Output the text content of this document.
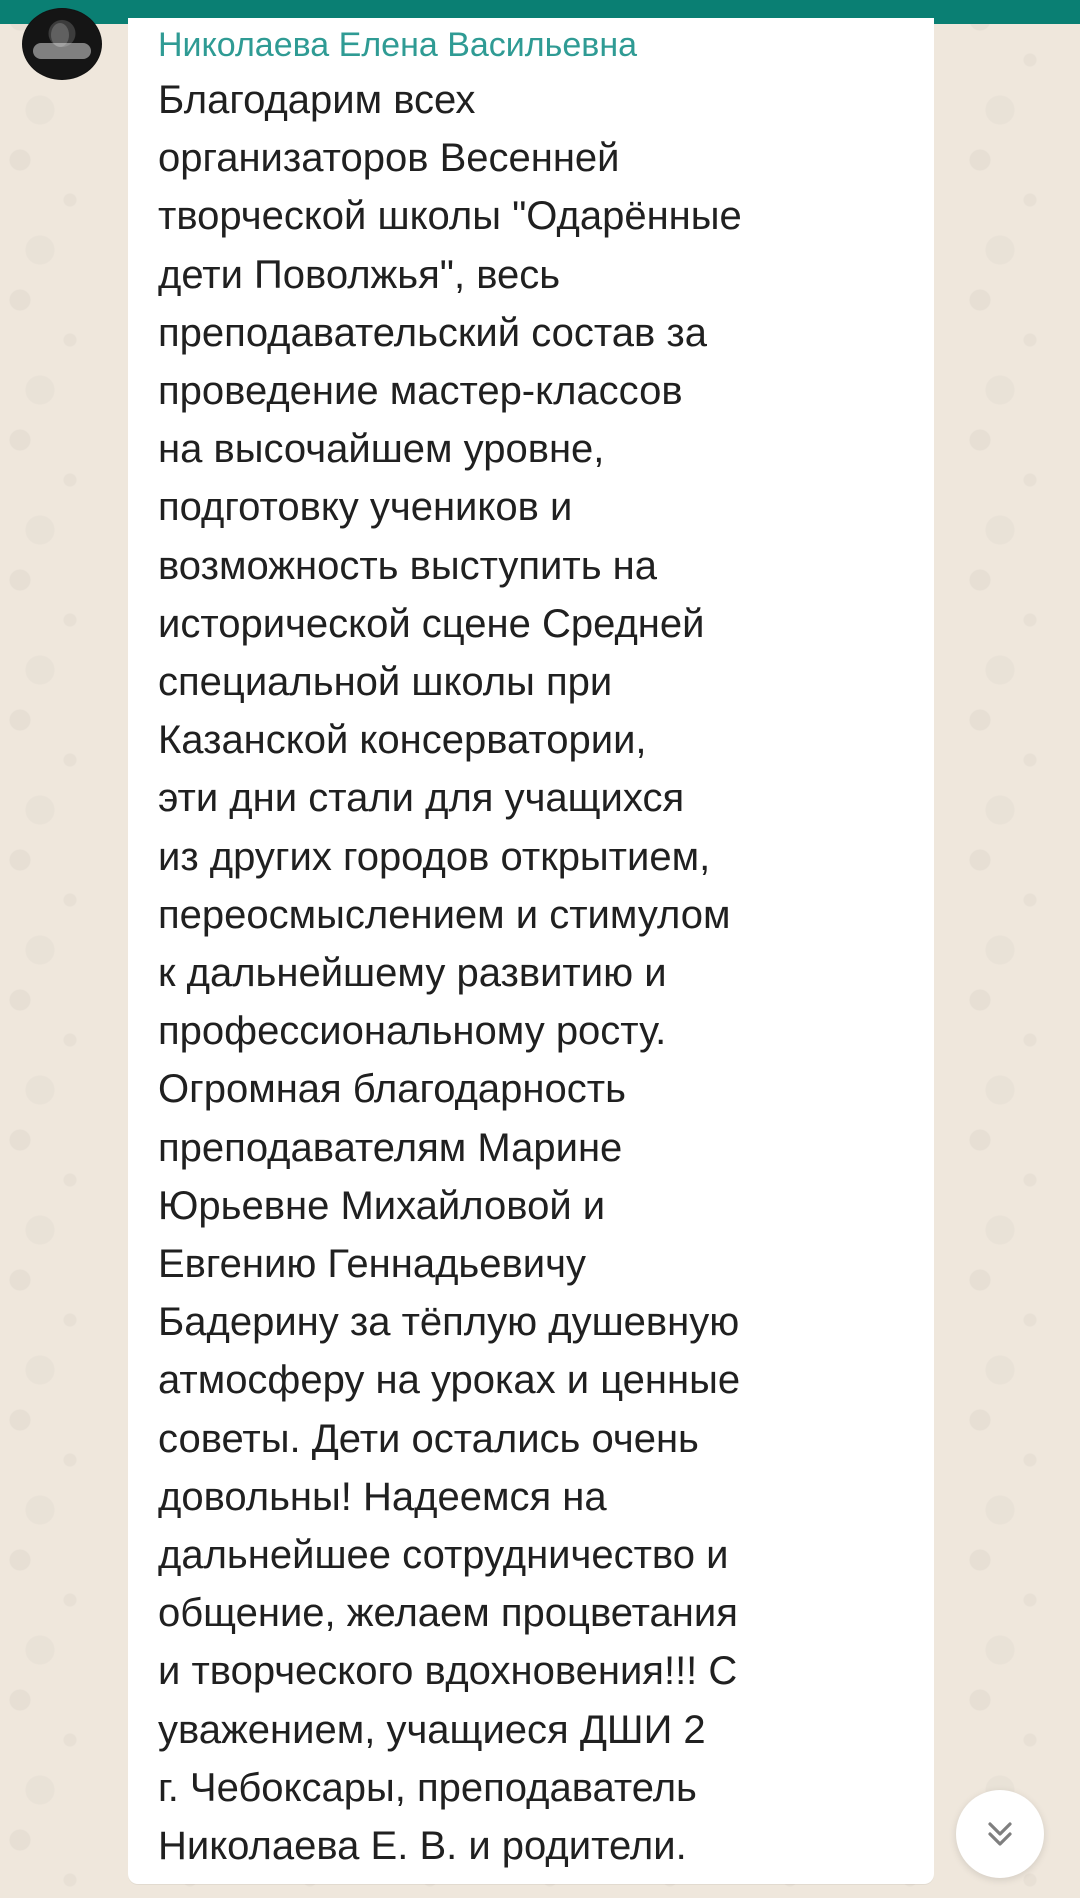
Николаева Елена Васильевна
Благодарим всех
организаторов Весенней
творческой школы "Одарённые
дети Поволжья", весь
преподавательский состав за
проведение мастер-классов
на высочайшем уровне,
подготовку учеников и
возможность выступить на
исторической сцене Средней
специальной школы при
Казанской консерватории,
эти дни стали для учащихся
из других городов открытием,
переосмыслением и стимулом
к дальнейшему развитию и
профессиональному росту.
Огромная благодарность
преподавателям Марине
Юрьевне Михайловой и
Евгению Геннадьевичу
Бадерину за тёплую душевную
атмосферу на уроках и ценные
советы. Дети остались очень
довольны! Надеемся на
дальнейшее сотрудничество и
общение, желаем процветания
и творческого вдохновения!!! С
уважением, учащиеся ДШИ 2
г. Чебоксары, преподаватель
Николаева Е. В. и родители.
